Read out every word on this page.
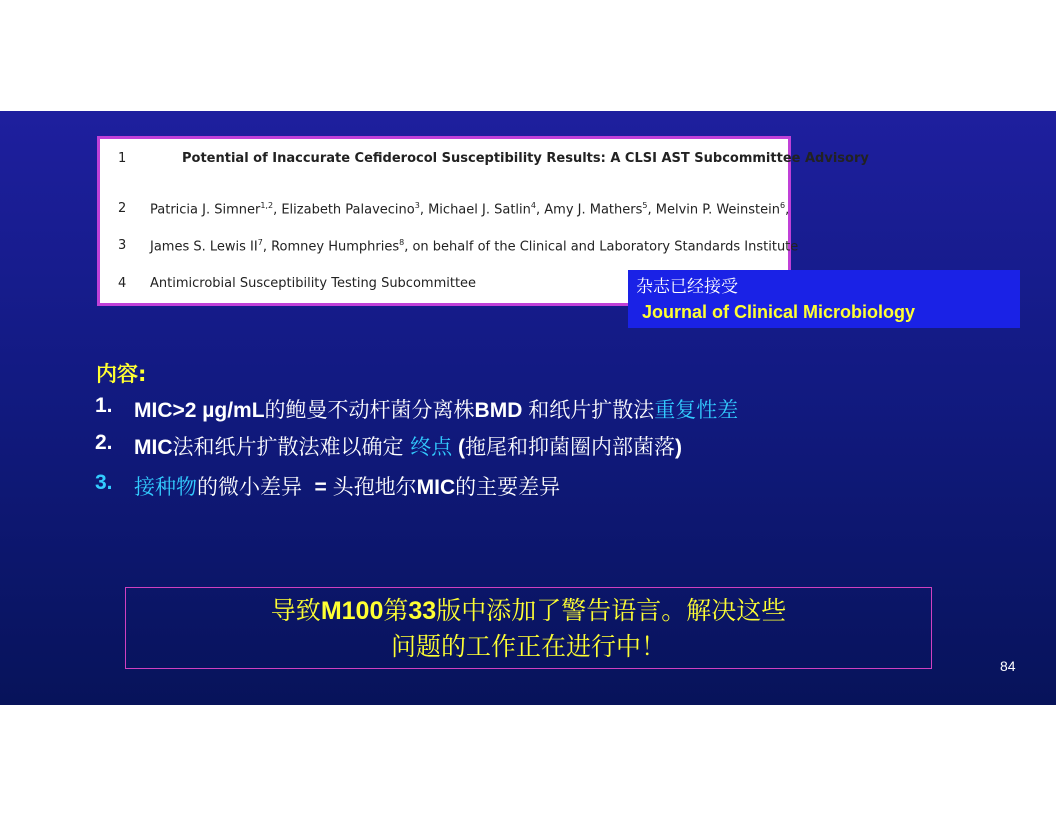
1	Potential of Inaccurate Cefiderocol Susceptibility Results: A CLSI AST Subcommittee Advisory
2	Patricia J. Simner$^{1,2}$, Elizabeth Palavecino$^3$, Michael J. Satlin$^4$, Amy J. Mathers$^5$, Melvin P. Weinstein$^6$,
3	James S. Lewis $II^7$, Romney Humphries$^8$, on behalf of the Clinical and Laboratory Standards Institute
4	Antimicrobial Susceptibility Testing Subcommittee	杂志已经接受
Journal of Clinical Microbiology
内容:
1. MIC>2 µg/mL的鲍曼不动杆菌分离株BMD 和纸片扩散法重复性差
2. MIC法和纸片扩散法难以确定 终点 (拖尾和抑菌圈内部菌落)
3. 接种物的微小差异  = 头孢地尔MIC的主要差异
导致M100第33版中添加了警告语言。解决这些
问题的工作正在进行中！
84
